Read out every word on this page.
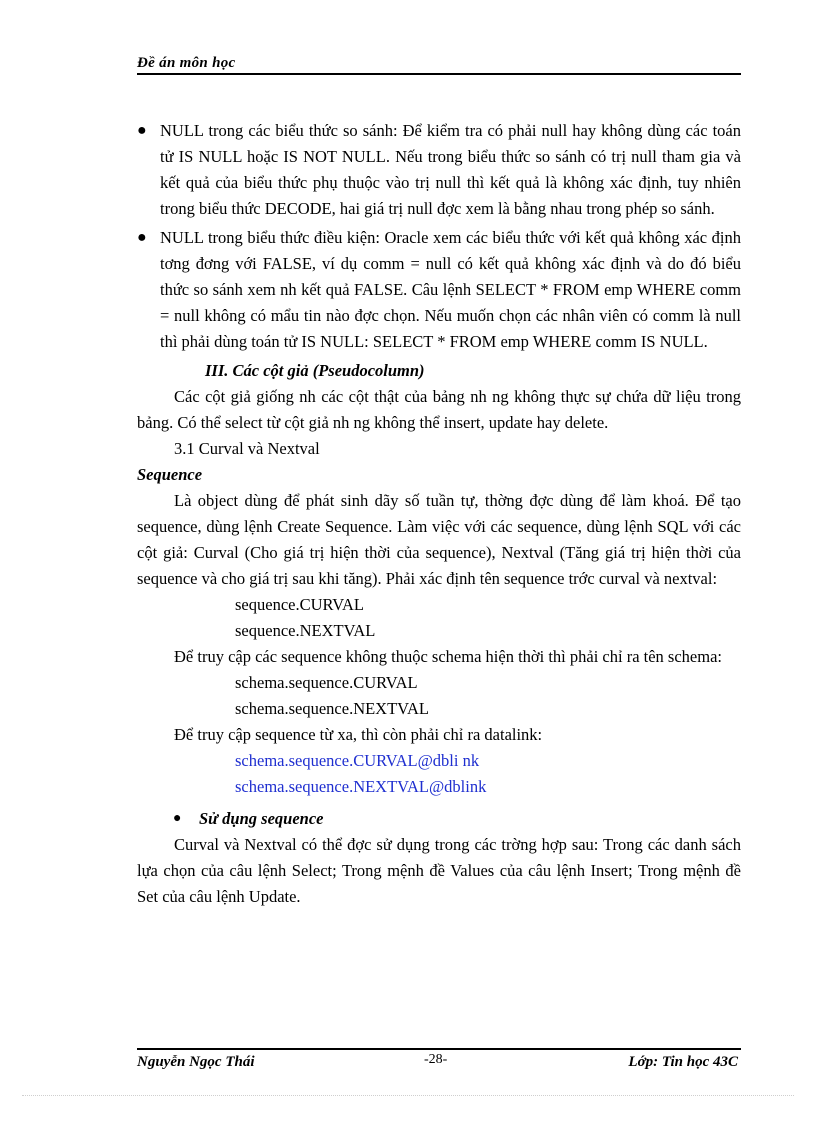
Đề án môn học
● NULL trong các biểu thức so sánh: Để kiểm tra có phải null hay không dùng các toán tử IS NULL hoặc IS NOT NULL. Nếu trong biểu thức so sánh có trị null tham gia và kết quả của biểu thức phụ thuộc vào trị null thì kết quả là không xác định, tuy nhiên trong biểu thức DECODE, hai giá trị null đợc xem là bằng nhau trong phép so sánh.
● NULL trong biểu thức điều kiện: Oracle xem các biểu thức với kết quả không xác định tơng đơng với FALSE, ví dụ comm = null có kết quả không xác định và do đó biểu thức so sánh xem nh kết quả FALSE. Câu lệnh SELECT * FROM emp WHERE comm = null không có mẩu tin nào đợc chọn. Nếu muốn chọn các nhân viên có comm là null thì phải dùng toán tử IS NULL: SELECT * FROM emp WHERE comm IS NULL.

III. Các cột giả (Pseudocolumn)

Các cột giả giống nh các cột thật của bảng nh ng không thực sự chứa dữ liệu trong bảng. Có thể select từ cột giả nh ng không thể insert, update hay delete.

3.1 Curval và Nextval

Sequence

Là object dùng để phát sinh dãy số tuần tự, thờng đợc dùng để làm khoá. Để tạo sequence, dùng lệnh Create Sequence. Làm việc với các sequence, dùng lệnh SQL với các cột giả: Curval (Cho giá trị hiện thời của sequence), Nextval (Tăng giá trị hiện thời của sequence và cho giá trị sau khi tăng). Phải xác định tên sequence trớc curval và nextval:

sequence.CURVAL

sequence.NEXTVAL

Để truy cập các sequence không thuộc schema hiện thời thì phải chỉ ra tên schema:

schema.sequence.CURVAL

schema.sequence.NEXTVAL

Để truy cập sequence từ xa, thì còn phải chỉ ra datalink:

schema.sequence.CURVAL@dbli nk

schema.sequence.NEXTVAL@dblink

● Sử dụng sequence

Curval và Nextval có thể đợc sử dụng trong các trờng hợp sau: Trong các danh sách lựa chọn của câu lệnh Select; Trong mệnh đề Values của câu lệnh Insert; Trong mệnh đề Set của câu lệnh Update.

Nguyễn Ngọc Thái	-28-	Lớp: Tin học 43C
